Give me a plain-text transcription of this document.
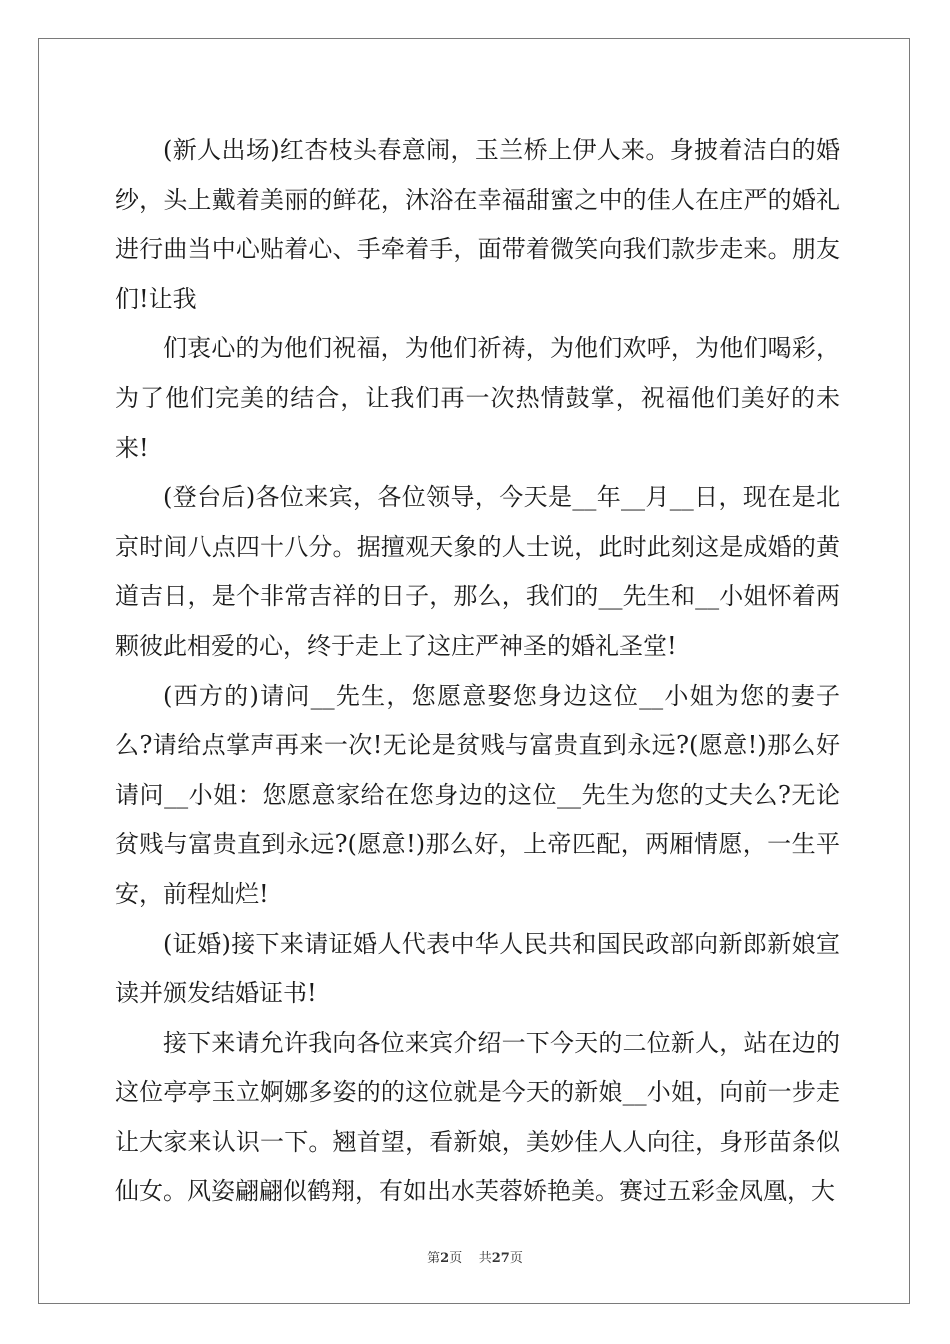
(新人出场)红杏枝头春意闹，玉兰桥上伊人来。身披着洁白的婚纱，头上戴着美丽的鲜花，沐浴在幸福甜蜜之中的佳人在庄严的婚礼进行曲当中心贴着心、手牵着手，面带着微笑向我们款步走来。朋友们!让我

们衷心的为他们祝福，为他们祈祷，为他们欢呼，为他们喝彩，为了他们完美的结合，让我们再一次热情鼓掌，祝福他们美好的未来!

(登台后)各位来宾，各位领导，今天是__年__月__日，现在是北京时间八点四十八分。据擅观天象的人士说，此时此刻这是成婚的黄道吉日，是个非常吉祥的日子，那么，我们的__先生和__小姐怀着两颗彼此相爱的心，终于走上了这庄严神圣的婚礼圣堂!

(西方的)请问__先生，您愿意娶您身边这位__小姐为您的妻子么?请给点掌声再来一次!无论是贫贱与富贵直到永远?(愿意!)那么好请问__小姐：您愿意家给在您身边的这位__先生为您的丈夫么?无论贫贱与富贵直到永远?(愿意!)那么好，上帝匹配，两厢情愿，一生平安，前程灿烂!

(证婚)接下来请证婚人代表中华人民共和国民政部向新郎新娘宣读并颁发结婚证书!

接下来请允许我向各位来宾介绍一下今天的二位新人，站在边的这位亭亭玉立婀娜多姿的的这位就是今天的新娘__小姐，向前一步走让大家来认识一下。翘首望，看新娘，美妙佳人人向往，身形苗条似仙女。风姿翩翩似鹤翔，有如出水芙蓉娇艳美。赛过五彩金凤凰，大

第2页 共27页
